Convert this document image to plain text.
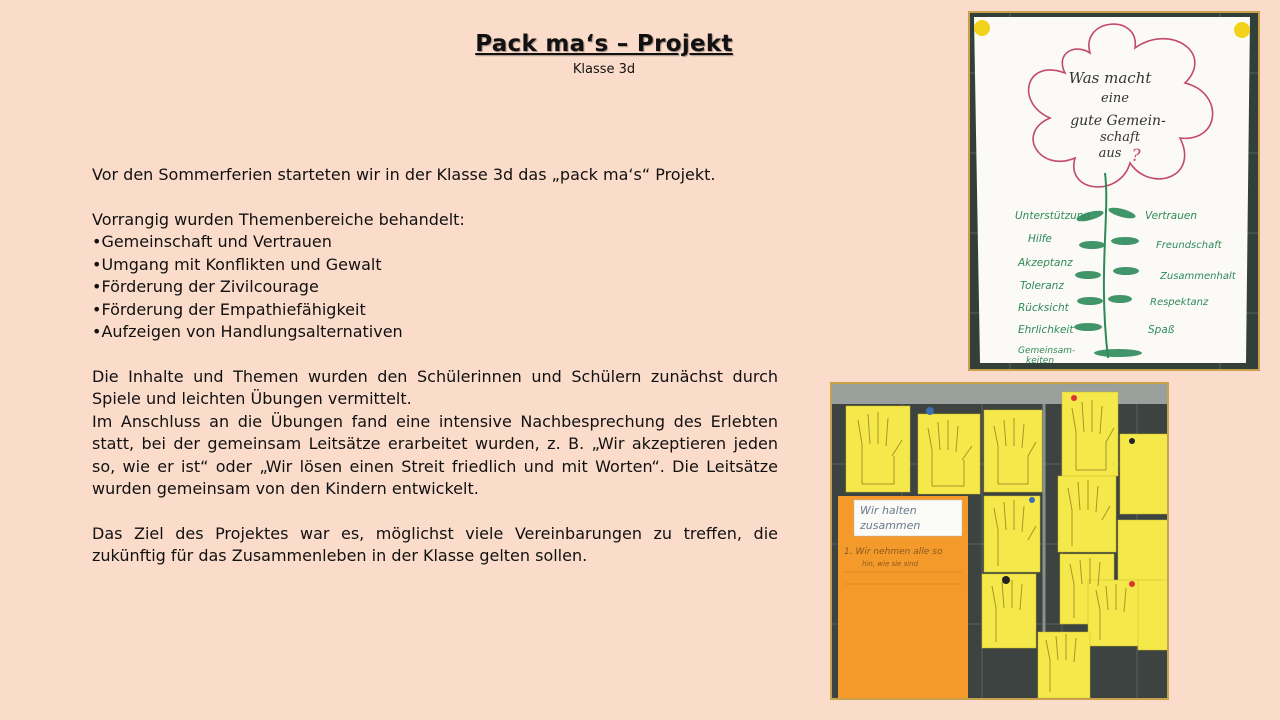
Pack ma‘s – Projekt
Klasse 3d

Vor den Sommerferien starteten wir in der Klasse 3d das „pack ma‘s“ Projekt.

Vorrangig wurden Themenbereiche behandelt:

•Gemeinschaft und Vertrauen

•Umgang mit Konflikten und Gewalt

•Förderung der Zivilcourage

•Förderung der Empathiefähigkeit

•Aufzeigen von Handlungsalternativen

Die Inhalte und Themen wurden den Schülerinnen und Schülern zunächst durch Spiele und leichten Übungen vermittelt.

Im Anschluss an die Übungen fand eine intensive Nachbesprechung des Erlebten statt, bei der gemeinsam Leitsätze erarbeitet wurden, z. B. „Wir akzeptieren jeden so, wie er ist“ oder „Wir lösen einen Streit friedlich und mit Worten“. Die Leitsätze wurden gemeinsam von den Kindern entwickelt.

Das Ziel des Projektes war es, möglichst viele Vereinbarungen zu treffen, die zukünftig für das Zusammenleben in der Klasse gelten sollen.

Was macht
eine
gute Gemein-
schaft
aus ?
Unterstützung
Hilfe
Akzeptanz
Toleranz
Rücksicht
Ehrlichkeit
Gemeinsam-
keiten
Vertrauen
Freundschaft
Zusammenhalt
Respektanz
Spaß
Wir halten
zusammen
1. Wir nehmen alle so
hin, wie sie sind
